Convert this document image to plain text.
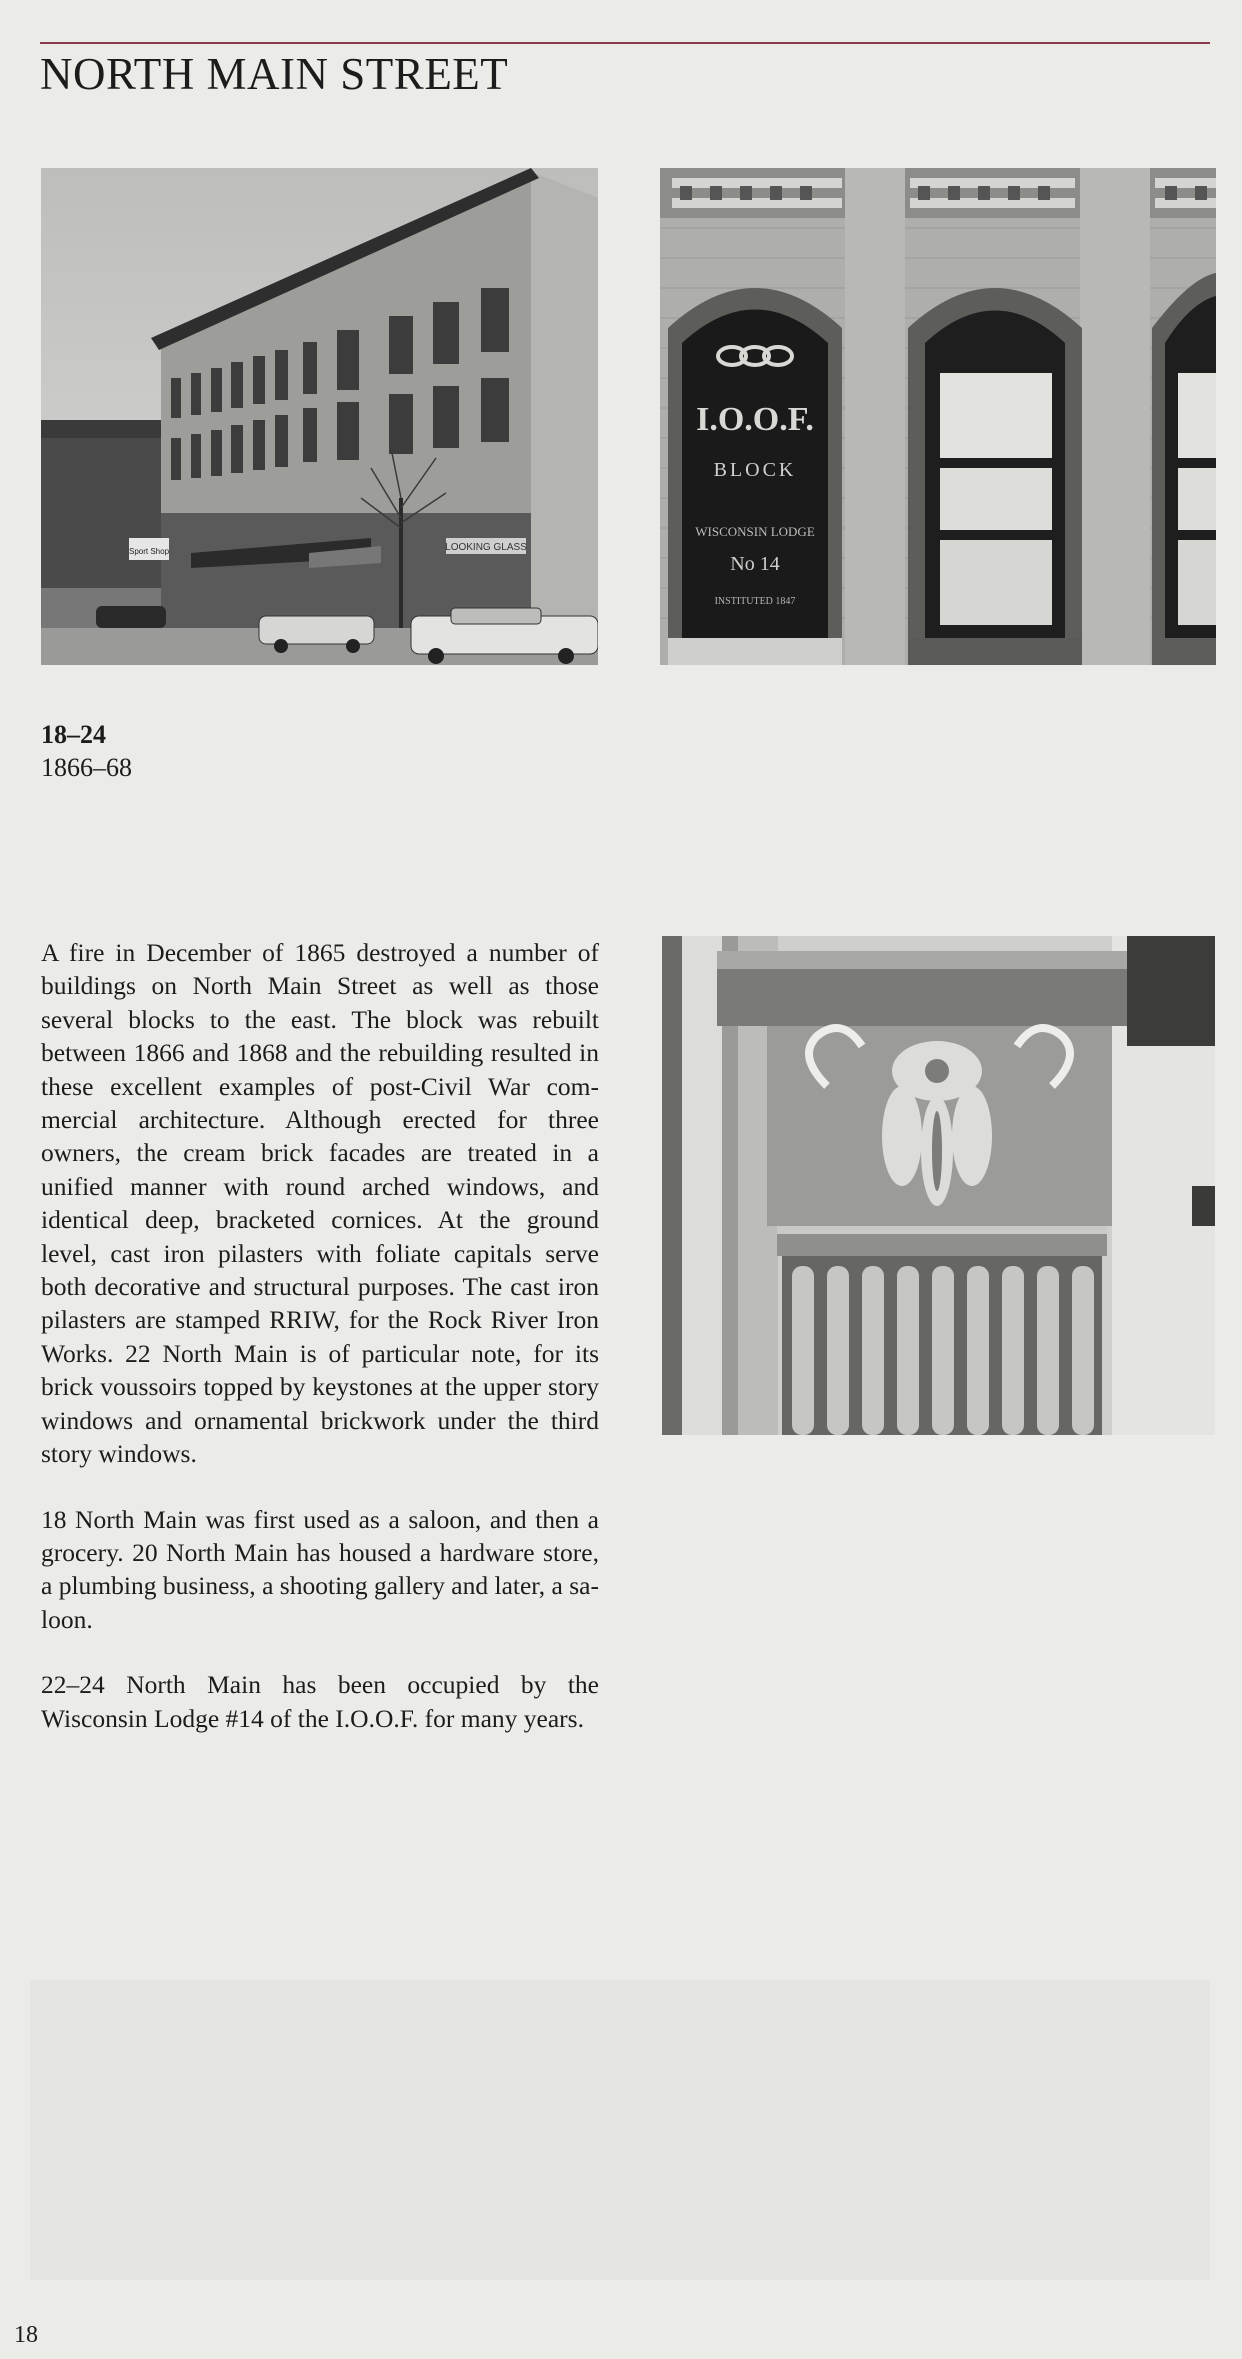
NORTH MAIN STREET
LOOKING GLASS
Sport Shop
I.O.O.F.
BLOCK
WISCONSIN LODGE
No 14
INSTITUTED 1847
18–24
1866–68

A fire in December of 1865 destroyed a number of buildings on North Main Street as well as those several blocks to the east. The block was rebuilt between 1866 and 1868 and the rebuilding resulted in these excellent examples of post-Civil War commercial architecture. Although erected for three owners, the cream brick facades are treated in a unified manner with round arched windows, and identical deep, bracketed cornices. At the ground level, cast iron pilasters with foliate capitals serve both decorative and structural purposes. The cast iron pilasters are stamped RRIW, for the Rock River Iron Works. 22 North Main is of particular note, for its brick voussoirs topped by keystones at the upper story windows and ornamental brickwork under the third story windows.

18 North Main was first used as a saloon, and then a grocery. 20 North Main has housed a hardware store, a plumbing business, a shooting gallery and later, a saloon.

22–24 North Main has been occupied by the Wisconsin Lodge #14 of the I.O.O.F. for many years.

18
